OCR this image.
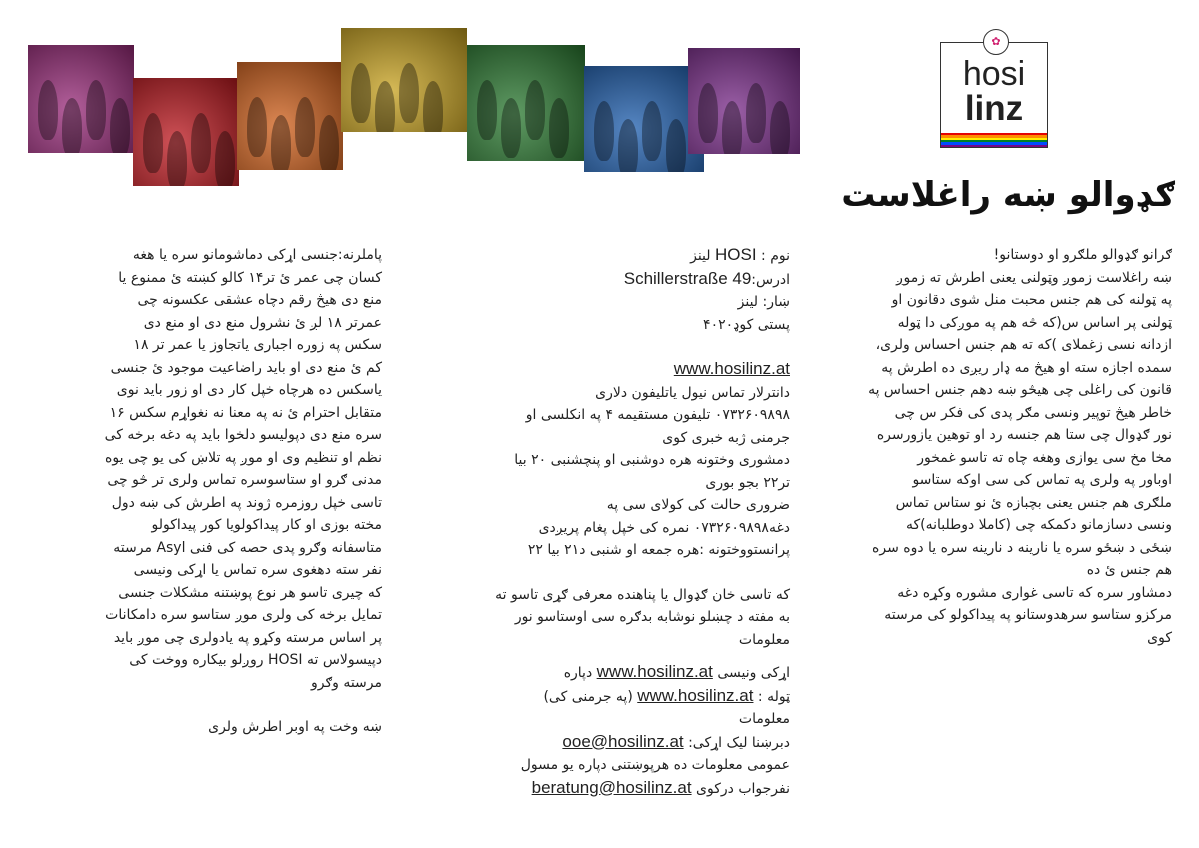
✿
hosi
linz
ګډوالو ښه راغلاست

ګرانو ګډوالو ملګرو او دوستانو!

ښه راغلاست زموږ وټولنی یعنی اطرش ته زموږ

په ټولنه کی هم جنس محبت منل شوی دقانون او

ټولنی پر اساس س(که څه هم په موږکی دا ټوله

ازدانه نسی زغملای )که ته هم جنس احساس ولری،

سمده اجازه سته او هیڅ مه ډار ریږی ده اطرش په

قانون کی راغلی چی هیڅو ښه دهم جنس احساس په

خاطر هیڅ توپیر ونسی مګر پدی کی فکر س چی

نور ګډوال چی ستا هم جنسه رد او توهین یازورسره

مخا مخ سی یوازی وهغه چاه ته تاسو غمخور

اوباور په ولری په تماس کی سی اوکه ستاسو

ملګری هم جنس یعنی بچبازه ئ نو ستاس تماس

ونسی دسازمانو دکمکه چی (کاملا دوطلبانه)که

ښځی د ښځو سره یا نارینه د نارینه سره یا دوه سره

هم جنس ئ ده

دمشاور سره که تاسی غواری مشوره وکړه دغه

مرکزو ستاسو سرهدوستانو په پیداکولو کی مرسته

کوی

نوم : HOSI لینز

ادرس:Schillerstraße 49

ښار: لینز

پستی کوډ۴۰۲۰

www.hosilinz.at

دانترلار تماس نیول یاتلیفون دلاری

۰۷۳۲۶۰۹۸۹۸ تلیفون مستقیمه ۴ په انکلسی او

جرمنی ژبه خبری کوی

دمشوری وختونه هره دوشنبی او پنچشنبی ۲۰ بیا

تر۲۲ بجو بوری

ضروری حالت کی کولای سی په

دغه۰۷۳۲۶۰۹۸۹۸ نمره کی خپل پغام پریږدی

پرانستووختونه :هره جمعه او شنبی د۲۱ بیا ۲۲

که تاسی خان ګډوال یا پناهنده معرفی ګړی تاسو ته

به مفته د چښلو نوشابه بدګره سی اوستاسو نور

معلومات

اړکی ونیسی www.hosilinz.at دپاره

ټوله : www.hosilinz.at (په جرمنی کی)

معلومات

دبرښنا لیک اړکی: ooe@hosilinz.at

عمومی معلومات ده هرپوښتنی دپاره یو مسول

نفرجواب درکوی beratung@hosilinz.at

پاملرنه:جنسی اړکی دماشومانو سره یا هغه

کسان چی عمر ئ تر۱۴ کالو کښته ئ ممنوع یا

منع دی هیڅ رقم دچاه عشقی عکسونه چی

عمرتر ۱۸ لږ ئ نشرول منع دی او منع دی

سکس په زوره اجباری یاتجاوز یا عمر تر ۱۸

کم ئ منع دی او باید راضاعیت موجود ئ جنسی

یاسکس ده هرچاه خپل کار دی او زور باید نوی

متقابل احترام ئ نه په معنا نه نغواړم سکس ۱۶

سره منع دی دپولیسو دلخوا باید په دغه برخه کی

نظم او تنظیم وی او موږ په تلاښ کی یو چی یوه

مدنی ګرو او ستاسوسره تماس ولری تر څو چی

تاسی خپل روزمره ژوند په اطرش کی ښه دول

مخته بوزی او کار پیداکولویا کور پیداکولو

متاسفانه وګرو پدی حصه کی فنی Asyl مرسته

نفر سته دهغوی سره تماس یا اړکی ونیسی

که چیری تاسو هر نوع پوښتنه مشکلات جنسی

تمایل برخه کی ولری موږ ستاسو سره دامکانات

پر اساس مرسته وکړو په یادولری چی موږ باید

دپیسولاس ته HOSI روږلو بیکاره ووخت کی

مرسته وګرو

ښه وخت په اوبر اطرش ولری
